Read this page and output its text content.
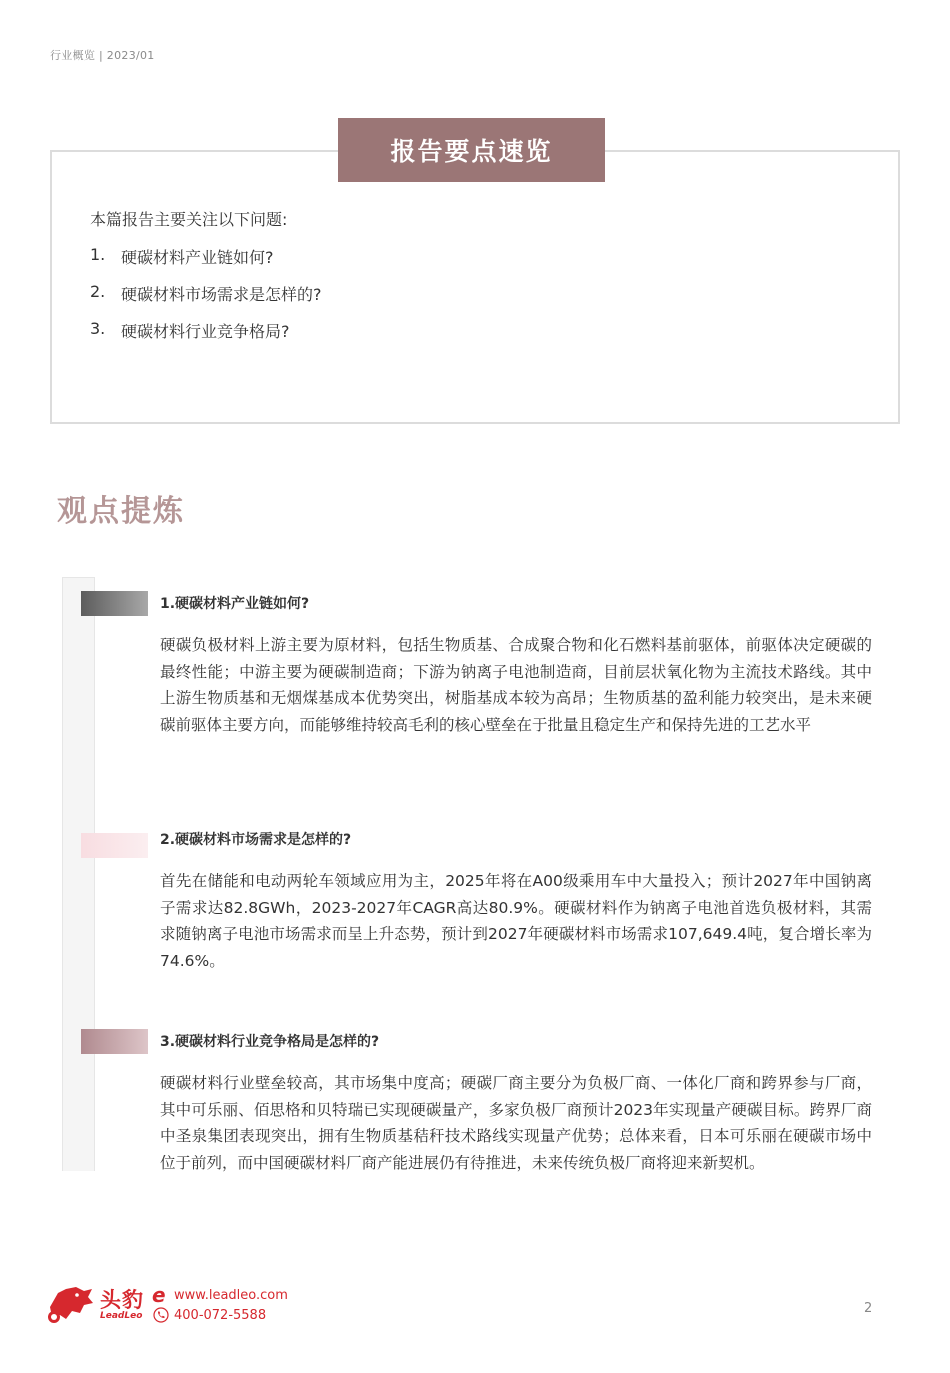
行业概览 | 2023/01
报告要点速览
本篇报告主要关注以下问题:
1. 硬碳材料产业链如何?
2. 硬碳材料市场需求是怎样的?
3. 硬碳材料行业竞争格局?
观点提炼
1.硬碳材料产业链如何?
硬碳负极材料上游主要为原材料，包括生物质基、合成聚合物和化石燃料基前驱体，前驱体决定硬碳的最终性能；中游主要为硬碳制造商；下游为钠离子电池制造商，目前层状氧化物为主流技术路线。其中上游生物质基和无烟煤基成本优势突出，树脂基成本较为高昂；生物质基的盈利能力较突出，是未来硬碳前驱体主要方向，而能够维持较高毛利的核心壁垒在于批量且稳定生产和保持先进的工艺水平
2.硬碳材料市场需求是怎样的?
首先在储能和电动两轮车领域应用为主，2025年将在A00级乘用车中大量投入；预计2027年中国钠离子需求达82.8GWh，2023-2027年CAGR高达80.9%。硬碳材料作为钠离子电池首选负极材料，其需求随钠离子电池市场需求而呈上升态势，预计到2027年硬碳材料市场需求107,649.4吨，复合增长率为74.6%。
3.硬碳材料行业竞争格局是怎样的?
硬碳材料行业壁垒较高，其市场集中度高；硬碳厂商主要分为负极厂商、一体化厂商和跨界参与厂商，其中可乐丽、佰思格和贝特瑞已实现硬碳量产，多家负极厂商预计2023年实现量产硬碳目标。跨界厂商中圣泉集团表现突出，拥有生物质基秸秆技术路线实现量产优势；总体来看，日本可乐丽在硬碳市场中位于前列，而中国硬碳材料厂商产能进展仍有待推进，未来传统负极厂商将迎来新契机。
头豹
LeadLeo
e www.leadleo.com
400-072-5588	2
